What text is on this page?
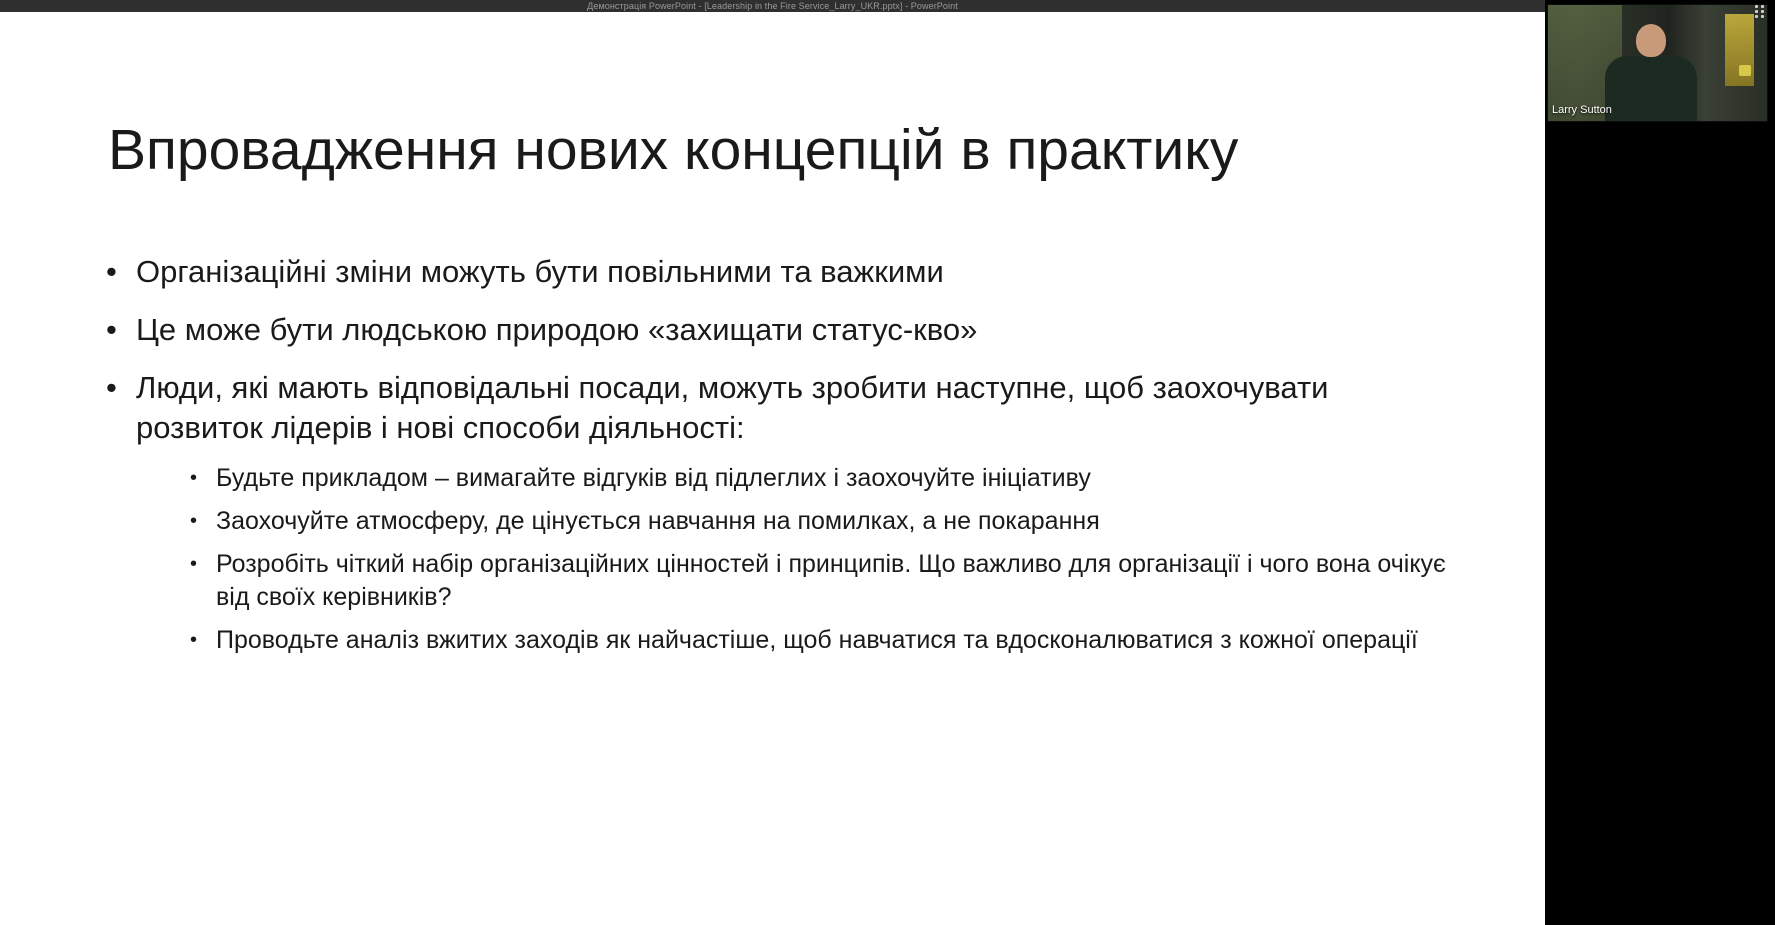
Демонстрація PowerPoint - [Leadership in the Fire Service_Larry_UKR.pptx] - PowerPoint
Впровадження нових концепцій в практику
• Організаційні зміни можуть бути повільними та важкими
• Це може бути людською природою «захищати статус-кво»
• Люди, які мають відповідальні посади, можуть зробити наступне, щоб заохочувати розвиток лідерів і нові способи діяльності:
• Будьте прикладом – вимагайте відгуків від підлеглих і заохочуйте ініціативу
• Заохочуйте атмосферу, де цінується навчання на помилках, а не покарання
• Розробіть чіткий набір організаційних цінностей і принципів. Що важливо для організації і чого вона очікує від своїх керівників?
• Проводьте аналіз вжитих заходів як найчастіше, щоб навчатися та вдосконалюватися з кожної операції
Larry Sutton
